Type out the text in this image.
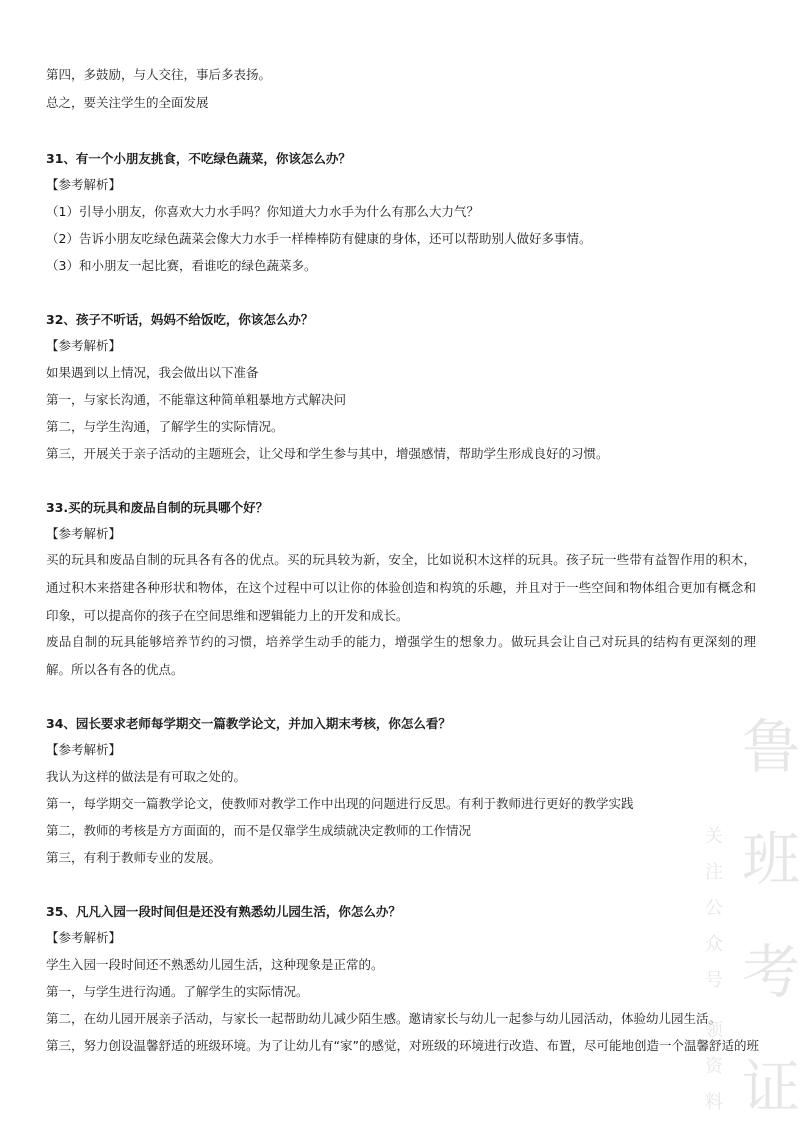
第四，多鼓励，与人交往，事后多表扬。
总之，要关注学生的全面发展
31、有一个小朋友挑食，不吃绿色蔬菜，你该怎么办？
【参考解析】
（1）引导小朋友，你喜欢大力水手吗？你知道大力水手为什么有那么大力气？
（2）告诉小朋友吃绿色蔬菜会像大力水手一样棒棒防有健康的身体，还可以帮助别人做好多事情。
（3）和小朋友一起比赛，看谁吃的绿色蔬菜多。
32、孩子不听话，妈妈不给饭吃，你该怎么办？
【参考解析】
如果遇到以上情况，我会做出以下准备
第一，与家长沟通，不能靠这种简单粗暴地方式解决问
第二，与学生沟通，了解学生的实际情况。
第三，开展关于亲子活动的主题班会，让父母和学生参与其中，增强感情，帮助学生形成良好的习惯。
33.买的玩具和废品自制的玩具哪个好？
【参考解析】
买的玩具和废品自制的玩具各有各的优点。买的玩具较为新，安全，比如说积木这样的玩具。孩子玩一些带有益智作用的积木，通过积木来搭建各种形状和物体，在这个过程中可以让你的体验创造和构筑的乐趣，并且对于一些空间和物体组合更加有概念和印象，可以提高你的孩子在空间思维和逻辑能力上的开发和成长。
废品自制的玩具能够培养节约的习惯，培养学生动手的能力，增强学生的想象力。做玩具会让自己对玩具的结构有更深刻的理解。所以各有各的优点。
34、园长要求老师每学期交一篇教学论文，并加入期末考核，你怎么看？
【参考解析】
我认为这样的做法是有可取之处的。
第一，每学期交一篇教学论文，使教师对教学工作中出现的问题进行反思。有利于教师进行更好的教学实践
第二，教师的考核是方方面面的，而不是仅靠学生成绩就决定教师的工作情况
第三，有利于教师专业的发展。
35、凡凡入园一段时间但是还没有熟悉幼儿园生活，你怎么办？
【参考解析】
学生入园一段时间还不熟悉幼儿园生活，这种现象是正常的。
第一，与学生进行沟通。了解学生的实际情况。
第二，在幼儿园开展亲子活动，与家长一起帮助幼儿减少陌生感。邀请家长与幼儿一起参与幼儿园活动，体验幼儿园生活。
第三，努力创设温馨舒适的班级环境。为了让幼儿有“家”的感觉，对班级的环境进行改造、布置，尽可能地创造一个温馨舒适的班
鲁
班
考
证
关
注
公
众
号
领
资
料
